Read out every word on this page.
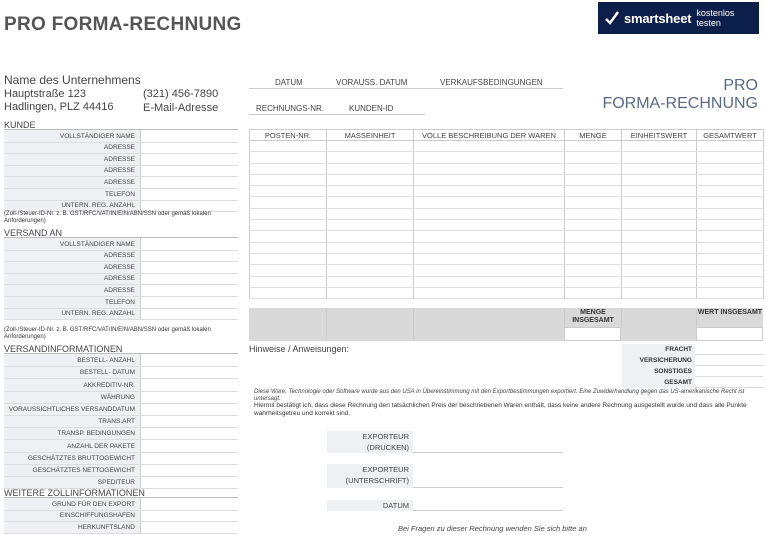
PRO FORMA-RECHNUNG	smartsheet kostenlos testen
Name des Unternehmens
Hauptstraße 123
Hadlingen, PLZ 44416
(321) 456-7890
E-Mail-Adresse
DATUM	VORAUSS. DATUM	VERKAUFSBEDINGUNGEN
RECHNUNGS-NR.	KUNDEN-ID
PRO
FORMA-RECHNUNG
KUNDE
VOLLSTÄNDIGER NAME
ADRESSE
ADRESSE
ADRESSE
ADRESSE
TELEFON
UNTERN. REG. ANZAHL
(Zoll-/Steuer-ID-Nr. z. B. GST/RFC/VAT/IN/EIN/ABN/SSN oder gemäß lokalen Anforderungen)
VERSAND AN
VOLLSTÄNDIGER NAME
ADRESSE
ADRESSE
ADRESSE
ADRESSE
TELEFON
UNTERN. REG. ANZAHL
(Zoll-/Steuer-ID-Nr. z. B. GST/RFC/VAT/IN/EIN/ABN/SSN oder gemäß lokalen Anforderungen)
VERSANDINFORMATIONEN
BESTELL- ANZAHL
BESTELL- DATUM
AKKREDITIV-NR.
WÄHRUNG
VORAUSSICHTLICHES VERSANDDATUM
TRANS.ART
TRANSP. BEDINGUNGEN
ANZAHL DER PAKETE
GESCHÄTZTES BRUTTOGEWICHT
GESCHÄTZTES NETTOGEWICHT
SPEDITEUR
WEITERE ZOLLINFORMATIONEN
GRUND FÜR DEN EXPORT
EINSCHIFFUNGSHAFEN
HERKUNFTSLAND
POSTEN-NR.	MASSEINHEIT	VOLLE BESCHREIBUNG DER WAREN	MENGE	EINHEITSWERT	GESAMTWERT

MENGE INSGESAMT
WERT INSGESAMT
Hinweise / Anweisungen:	FRACHT
VERSICHERUNG
SONSTIGES
GESAMT
Diese Ware, Technologie oder Software wurde aus den USA in Übereinstimmung mit den Exportbestimmungen exportiert. Eine Zuwiderhandlung gegen das US-amerikanische Recht ist untersagt.
Hiermit bestätigt ich, dass diese Rechnung den tatsächlichen Preis der beschriebenen Waren enthält, dass keine andere Rechnung ausgestellt wurde und dass alle Punkte wahrheitsgetreu und korrekt sind.
EXPORTEUR
(DRUCKEN)
EXPORTEUR
(UNTERSCHRIFT)
DATUM
Bei Fragen zu dieser Rechnung wenden Sie sich bitte an
